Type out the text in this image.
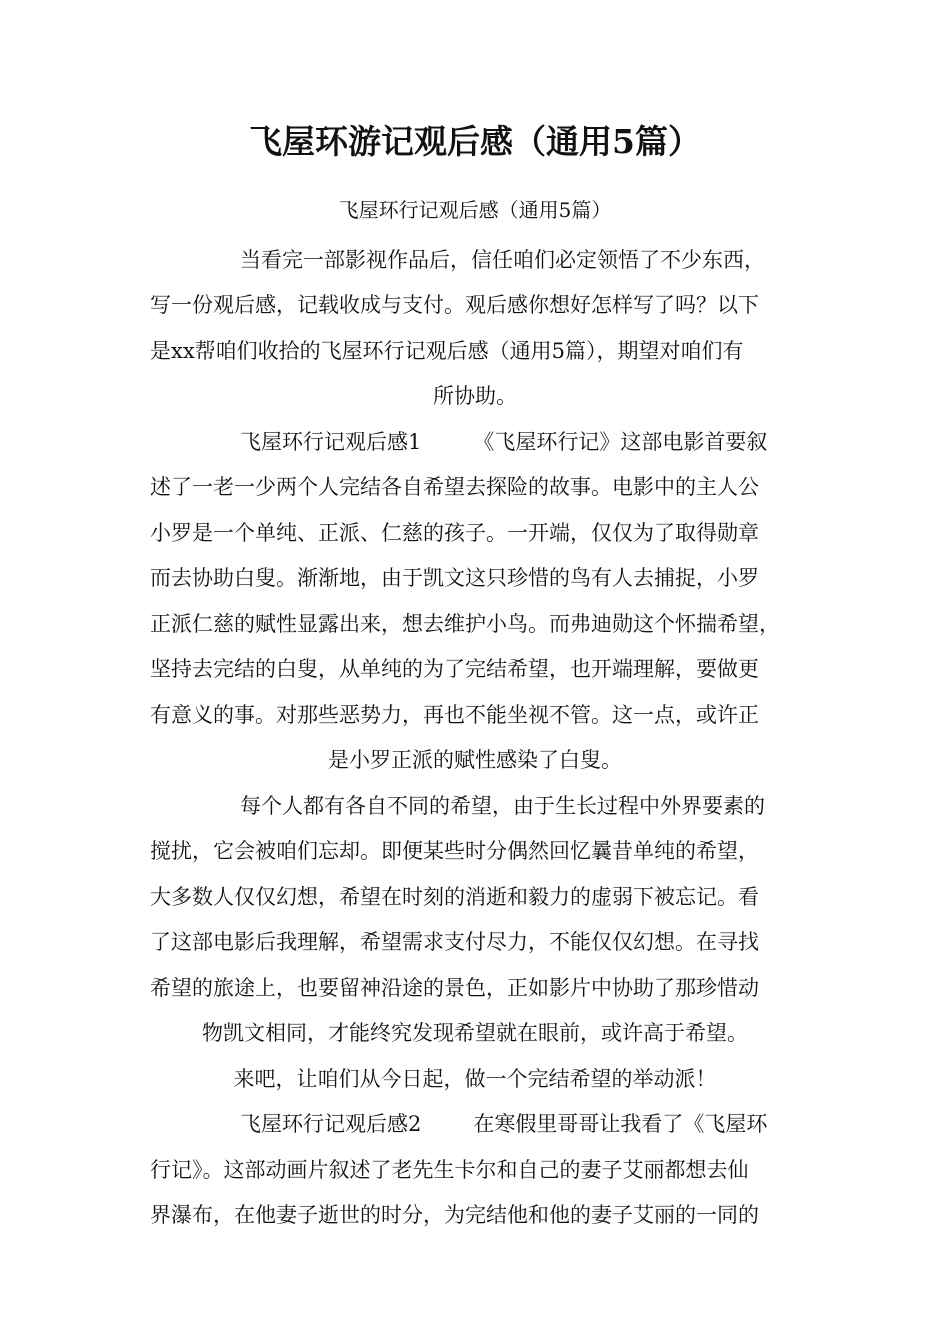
飞屋环游记观后感（通用5篇）
飞屋环行记观后感（通用5篇）
当看完一部影视作品后，信任咱们必定领悟了不少东西，
写一份观后感，记载收成与支付。观后感你想好怎样写了吗？以下
是xx帮咱们收拾的飞屋环行记观后感（通用5篇），期望对咱们有
所协助。
飞屋环行记观后感1 《飞屋环行记》这部电影首要叙
述了一老一少两个人完结各自希望去探险的故事。电影中的主人公
小罗是一个单纯、正派、仁慈的孩子。一开端，仅仅为了取得勋章
而去协助白叟。渐渐地，由于凯文这只珍惜的鸟有人去捕捉，小罗
正派仁慈的赋性显露出来，想去维护小鸟。而弗迪勋这个怀揣希望，
坚持去完结的白叟，从单纯的为了完结希望，也开端理解，要做更
有意义的事。对那些恶势力，再也不能坐视不管。这一点，或许正
是小罗正派的赋性感染了白叟。
每个人都有各自不同的希望，由于生长过程中外界要素的
搅扰，它会被咱们忘却。即便某些时分偶然回忆曩昔单纯的希望，
大多数人仅仅幻想，希望在时刻的消逝和毅力的虚弱下被忘记。看
了这部电影后我理解，希望需求支付尽力，不能仅仅幻想。在寻找
希望的旅途上，也要留神沿途的景色，正如影片中协助了那珍惜动
物凯文相同，才能终究发现希望就在眼前，或许高于希望。
来吧，让咱们从今日起，做一个完结希望的举动派！
飞屋环行记观后感2 在寒假里哥哥让我看了《飞屋环
行记》。这部动画片叙述了老先生卡尔和自己的妻子艾丽都想去仙
界瀑布，在他妻子逝世的时分，为完结他和他的妻子艾丽的一同的
